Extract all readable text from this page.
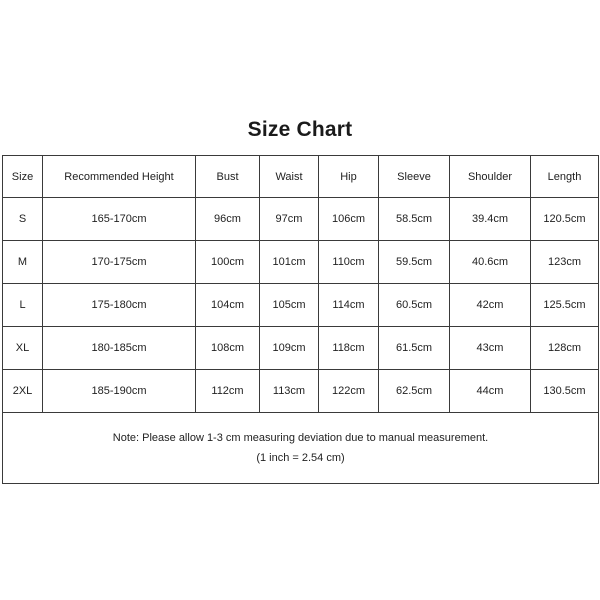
Size Chart
Size	Recommended Height	Bust	Waist	Hip	Sleeve	Shoulder	Length
S	165-170cm	96cm	97cm	106cm	58.5cm	39.4cm	120.5cm
M	170-175cm	100cm	101cm	110cm	59.5cm	40.6cm	123cm
L	175-180cm	104cm	105cm	114cm	60.5cm	42cm	125.5cm
XL	180-185cm	108cm	109cm	118cm	61.5cm	43cm	128cm
2XL	185-190cm	112cm	113cm	122cm	62.5cm	44cm	130.5cm

Note: Please allow 1-3 cm measuring deviation due to manual measurement.
(1 inch = 2.54 cm)							
